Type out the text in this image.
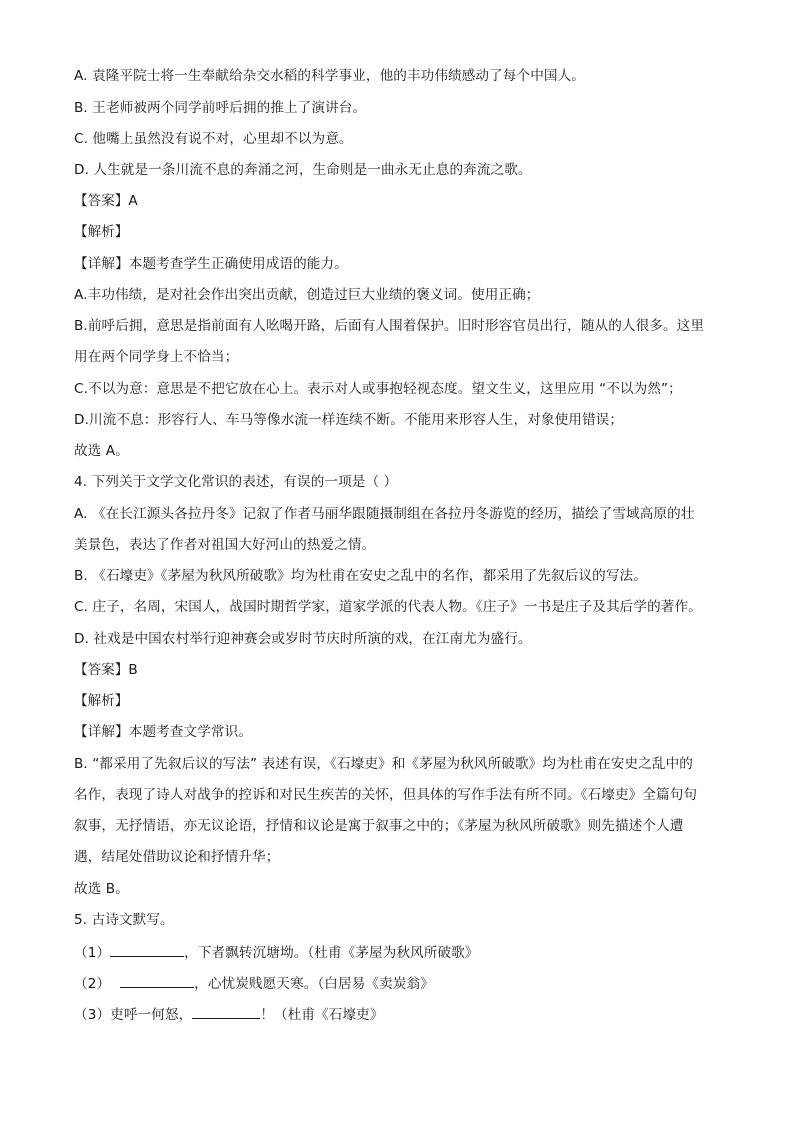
A. 袁隆平院士将一生奉献给杂交水稻的科学事业，他的丰功伟绩感动了每个中国人。
B. 王老师被两个同学前呼后拥的推上了演讲台。
C. 他嘴上虽然没有说不对，心里却不以为意。
D. 人生就是一条川流不息的奔涌之河，生命则是一曲永无止息的奔流之歌。
【答案】A
【解析】
【详解】本题考查学生正确使用成语的能力。
A.丰功伟绩，是对社会作出突出贡献，创造过巨大业绩的褒义词。使用正确；
B.前呼后拥，意思是指前面有人吆喝开路，后面有人围着保护。旧时形容官员出行，随从的人很多。这里
用在两个同学身上不恰当；
C.不以为意：意思是不把它放在心上。表示对人或事抱轻视态度。望文生义，这里应用 “不以为然”；
D.川流不息：形容行人、车马等像水流一样连续不断。不能用来形容人生，对象使用错误；
故选 A。
4. 下列关于文学文化常识的表述，有误的一项是（ ）
A. 《在长江源头各拉丹冬》记叙了作者马丽华跟随摄制组在各拉丹冬游览的经历，描绘了雪域高原的壮
美景色，表达了作者对祖国大好河山的热爱之情。
B. 《石壕吏》《茅屋为秋风所破歌》均为杜甫在安史之乱中的名作，都采用了先叙后议的写法。
C. 庄子，名周，宋国人，战国时期哲学家，道家学派的代表人物。《庄子》一书是庄子及其后学的著作。
D. 社戏是中国农村举行迎神赛会或岁时节庆时所演的戏，在江南尤为盛行。
【答案】B
【解析】
【详解】本题考查文学常识。
B. “都采用了先叙后议的写法” 表述有误，《石壕吏》和《茅屋为秋风所破歌》均为杜甫在安史之乱中的
名作，表现了诗人对战争的控诉和对民生疾苦的关怀，但具体的写作手法有所不同。《石壕吏》全篇句句
叙事，无抒情语，亦无议论语，抒情和议论是寓于叙事之中的；《茅屋为秋风所破歌》则先描述个人遭
遇，结尾处借助议论和抒情升华；
故选 B。
5. 古诗文默写。
（1）	，下者飘转沉塘坳。（杜甫《茅屋为秋风所破歌》
（2）	，心忧炭贱愿天寒。（白居易《卖炭翁》
（3）吏呼一何怒，	！（杜甫《石壕吏》
